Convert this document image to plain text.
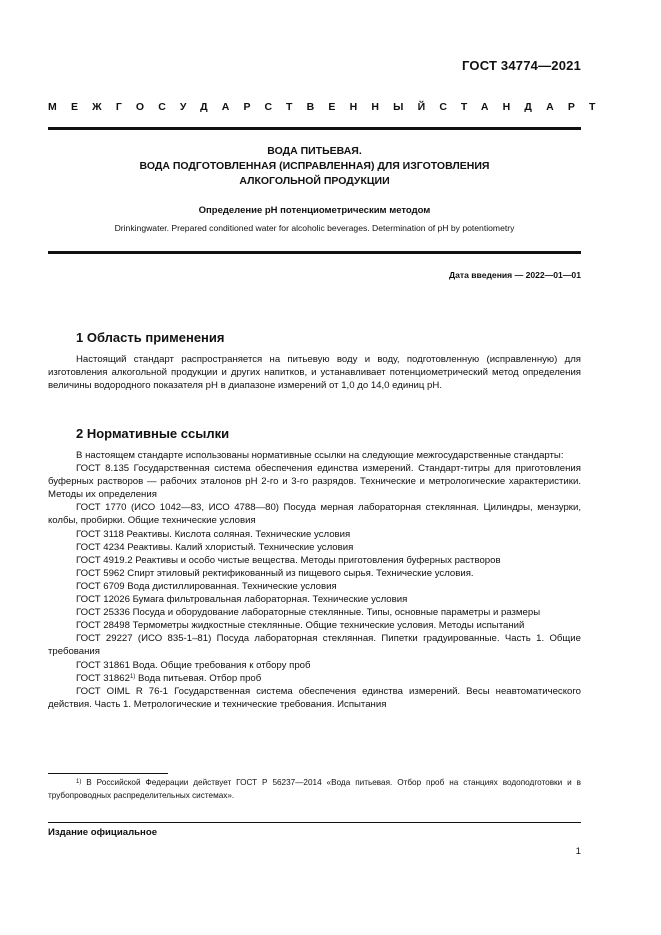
ГОСТ 34774—2021
МЕЖГОСУДАРСТВЕННЫЙ СТАНДАРТ
ВОДА ПИТЬЕВАЯ.
ВОДА ПОДГОТОВЛЕННАЯ (ИСПРАВЛЕННАЯ) ДЛЯ ИЗГОТОВЛЕНИЯ
АЛКОГОЛЬНОЙ ПРОДУКЦИИ
Определение рН потенциометрическим методом
Drinkingwater. Prepared conditioned water for alcoholic beverages. Determination of pH by potentiometry
Дата введения — 2022—01—01
1 Область применения

Настоящий стандарт распространяется на питьевую воду и воду, подготовленную (исправленную) для изготовления алкогольной продукции и других напитков, и устанавливает потенциометрический метод определения величины водородного показателя рН в диапазоне измерений от 1,0 до 14,0 единиц рН.

2 Нормативные ссылки

В настоящем стандарте использованы нормативные ссылки на следующие межгосударственные стандарты:

ГОСТ 8.135 Государственная система обеспечения единства измерений. Стандарт-титры для приготовления буферных растворов — рабочих эталонов рН 2-го и 3-го разрядов. Технические и метрологические характеристики. Методы их определения

ГОСТ 1770 (ИСО 1042—83, ИСО 4788—80) Посуда мерная лабораторная стеклянная. Цилиндры, мензурки, колбы, пробирки. Общие технические условия

ГОСТ 3118 Реактивы. Кислота соляная. Технические условия

ГОСТ 4234 Реактивы. Калий хлористый. Технические условия

ГОСТ 4919.2 Реактивы и особо чистые вещества. Методы приготовления буферных растворов

ГОСТ 5962 Спирт этиловый ректификованный из пищевого сырья. Технические условия.

ГОСТ 6709 Вода дистиллированная. Технические условия

ГОСТ 12026 Бумага фильтровальная лабораторная. Технические условия

ГОСТ 25336 Посуда и оборудование лабораторные стеклянные. Типы, основные параметры и размеры

ГОСТ 28498 Термометры жидкостные стеклянные. Общие технические условия. Методы испытаний

ГОСТ 29227 (ИСО 835-1–81) Посуда лабораторная стеклянная. Пипетки градуированные. Часть 1. Общие требования

ГОСТ 31861 Вода. Общие требования к отбору проб

ГОСТ 31862$^{1)}$ Вода питьевая. Отбор проб

ГОСТ OIML R 76-1 Государственная система обеспечения единства измерений. Весы неавтоматического действия. Часть 1. Метрологические и технические требования. Испытания

$^{1)}$ В Российской Федерации действует ГОСТ Р 56237—2014 «Вода питьевая. Отбор проб на станциях водоподготовки и в трубопроводных распределительных системах».

Издание официальное
1
